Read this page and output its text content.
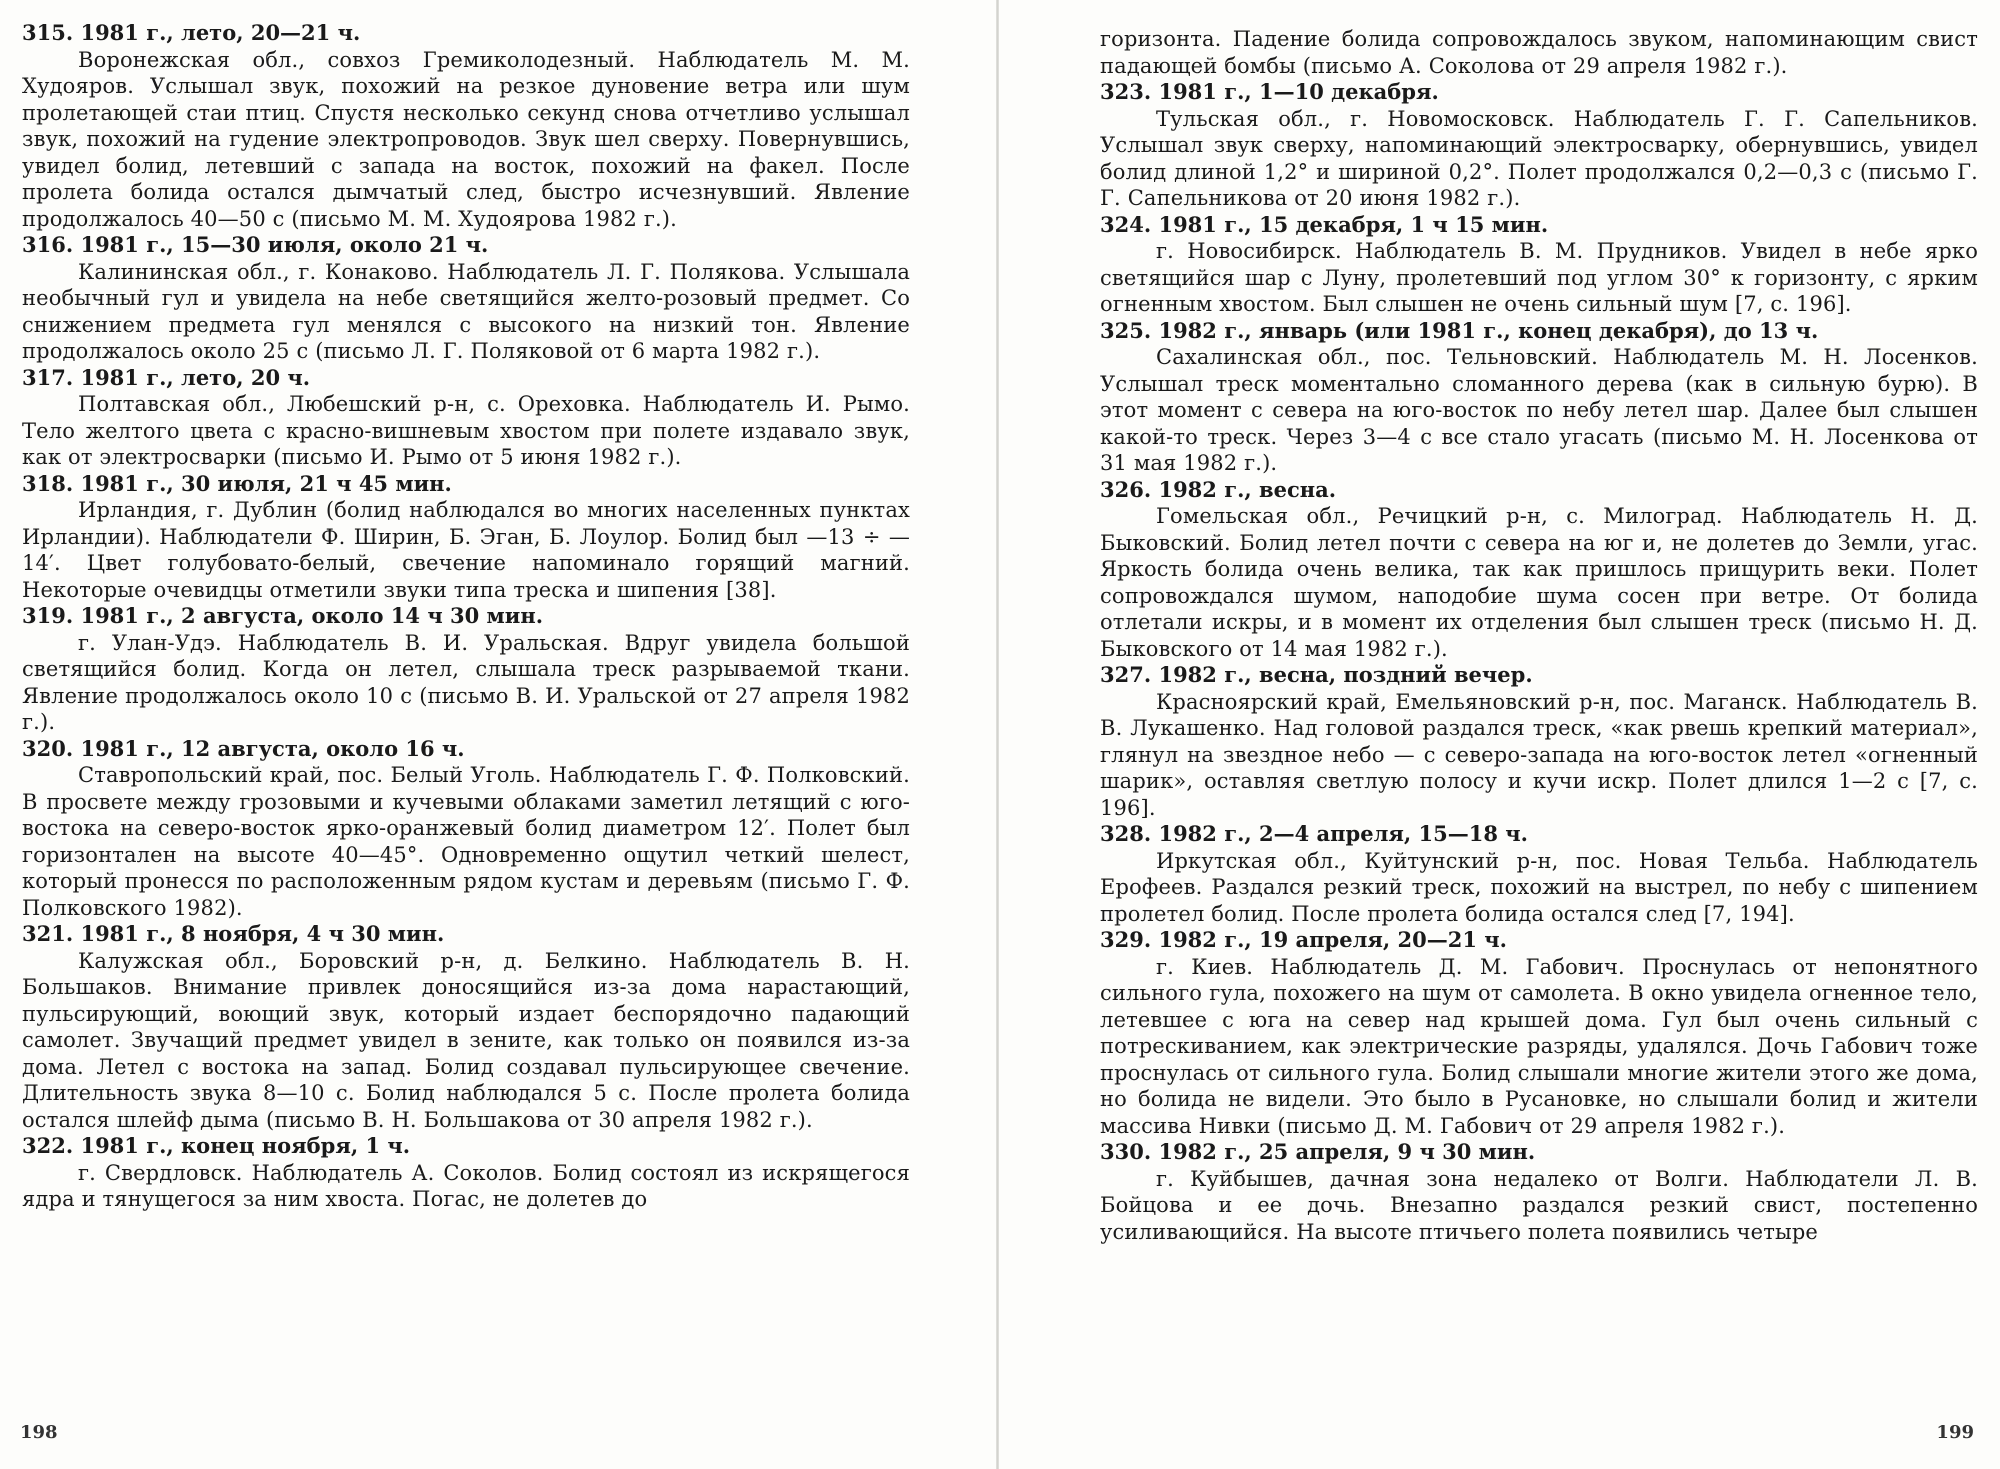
315. 1981 г., лето, 20—21 ч.

Воронежская обл., совхоз Гремиколодезный. Наблюдатель М. М. Худояров. Услышал звук, похожий на резкое дуновение ветра или шум пролетающей стаи птиц. Спустя несколько секунд снова отчетливо услышал звук, похожий на гудение электропроводов. Звук шел сверху. Повернувшись, увидел болид, летевший с запада на восток, похожий на факел. После пролета болида остался дымчатый след, быстро исчезнувший. Явление продолжалось 40—50 с (письмо М. М. Худоярова 1982 г.).

316. 1981 г., 15—30 июля, около 21 ч.

Калининская обл., г. Конаково. Наблюдатель Л. Г. Полякова. Услышала необычный гул и увидела на небе светящийся желто-розовый предмет. Со снижением предмета гул менялся с высокого на низкий тон. Явление продолжалось около 25 с (письмо Л. Г. Поляковой от 6 марта 1982 г.).

317. 1981 г., лето, 20 ч.

Полтавская обл., Любешский р-н, с. Ореховка. Наблюдатель И. Рымо. Тело желтого цвета с красно-вишневым хвостом при полете издавало звук, как от электросварки (письмо И. Рымо от 5 июня 1982 г.).

318. 1981 г., 30 июля, 21 ч 45 мин.

Ирландия, г. Дублин (болид наблюдался во многих населенных пунктах Ирландии). Наблюдатели Ф. Ширин, Б. Эган, Б. Лоулор. Болид был —13 ÷ —14′. Цвет голубовато-белый, свечение напоминало горящий магний. Некоторые очевидцы отметили звуки типа треска и шипения [38].

319. 1981 г., 2 августа, около 14 ч 30 мин.

г. Улан-Удэ. Наблюдатель В. И. Уральская. Вдруг увидела большой светящийся болид. Когда он летел, слышала треск разрываемой ткани. Явление продолжалось около 10 с (письмо В. И. Уральской от 27 апреля 1982 г.).

320. 1981 г., 12 августа, около 16 ч.

Ставропольский край, пос. Белый Уголь. Наблюдатель Г. Ф. Полковский. В просвете между грозовыми и кучевыми облаками заметил летящий с юго-востока на северо-восток ярко-оранжевый болид диаметром 12′. Полет был горизонтален на высоте 40—45°. Одновременно ощутил четкий шелест, который пронесся по расположенным рядом кустам и деревьям (письмо Г. Ф. Полковского 1982).

321. 1981 г., 8 ноября, 4 ч 30 мин.

Калужская обл., Боровский р-н, д. Белкино. Наблюдатель В. Н. Большаков. Внимание привлек доносящийся из-за дома нарастающий, пульсирующий, воющий звук, который издает беспорядочно падающий самолет. Звучащий предмет увидел в зените, как только он появился из-за дома. Летел с востока на запад. Болид создавал пульсирующее свечение. Длительность звука 8—10 с. Болид наблюдался 5 с. После пролета болида остался шлейф дыма (письмо В. Н. Большакова от 30 апреля 1982 г.).

322. 1981 г., конец ноября, 1 ч.

г. Свердловск. Наблюдатель А. Соколов. Болид состоял из искрящегося ядра и тянущегося за ним хвоста. Погас, не долетев до

горизонта. Падение болида сопровождалось звуком, напоминающим свист падающей бомбы (письмо А. Соколова от 29 апреля 1982 г.).

323. 1981 г., 1—10 декабря.

Тульская обл., г. Новомосковск. Наблюдатель Г. Г. Сапельников. Услышал звук сверху, напоминающий электросварку, обернувшись, увидел болид длиной 1,2° и шириной 0,2°. Полет продолжался 0,2—0,3 с (письмо Г. Г. Сапельникова от 20 июня 1982 г.).

324. 1981 г., 15 декабря, 1 ч 15 мин.

г. Новосибирск. Наблюдатель В. М. Прудников. Увидел в небе ярко светящийся шар с Луну, пролетевший под углом 30° к горизонту, с ярким огненным хвостом. Был слышен не очень сильный шум [7, с. 196].

325. 1982 г., январь (или 1981 г., конец декабря), до 13 ч.

Сахалинская обл., пос. Тельновский. Наблюдатель М. Н. Лосенков. Услышал треск моментально сломанного дерева (как в сильную бурю). В этот момент с севера на юго-восток по небу летел шар. Далее был слышен какой-то треск. Через 3—4 с все стало угасать (письмо М. Н. Лосенкова от 31 мая 1982 г.).

326. 1982 г., весна.

Гомельская обл., Речицкий р-н, с. Милоград. Наблюдатель Н. Д. Быковский. Болид летел почти с севера на юг и, не долетев до Земли, угас. Яркость болида очень велика, так как пришлось прищурить веки. Полет сопровождался шумом, наподобие шума сосен при ветре. От болида отлетали искры, и в момент их отделения был слышен треск (письмо Н. Д. Быковского от 14 мая 1982 г.).

327. 1982 г., весна, поздний вечер.

Красноярский край, Емельяновский р-н, пос. Маганск. Наблюдатель В. В. Лукашенко. Над головой раздался треск, «как рвешь крепкий материал», глянул на звездное небо — с северо-запада на юго-восток летел «огненный шарик», оставляя светлую полосу и кучи искр. Полет длился 1—2 с [7, с. 196].

328. 1982 г., 2—4 апреля, 15—18 ч.

Иркутская обл., Куйтунский р-н, пос. Новая Тельба. Наблюдатель Ерофеев. Раздался резкий треск, похожий на выстрел, по небу с шипением пролетел болид. После пролета болида остался след [7, 194].

329. 1982 г., 19 апреля, 20—21 ч.

г. Киев. Наблюдатель Д. М. Габович. Проснулась от непонятного сильного гула, похожего на шум от самолета. В окно увидела огненное тело, летевшее с юга на север над крышей дома. Гул был очень сильный с потрескиванием, как электрические разряды, удалялся. Дочь Габович тоже проснулась от сильного гула. Болид слышали многие жители этого же дома, но болида не видели. Это было в Русановке, но слышали болид и жители массива Нивки (письмо Д. М. Габович от 29 апреля 1982 г.).

330. 1982 г., 25 апреля, 9 ч 30 мин.

г. Куйбышев, дачная зона недалеко от Волги. Наблюдатели Л. В. Бойцова и ее дочь. Внезапно раздался резкий свист, постепенно усиливающийся. На высоте птичьего полета появились четыре

198	199
